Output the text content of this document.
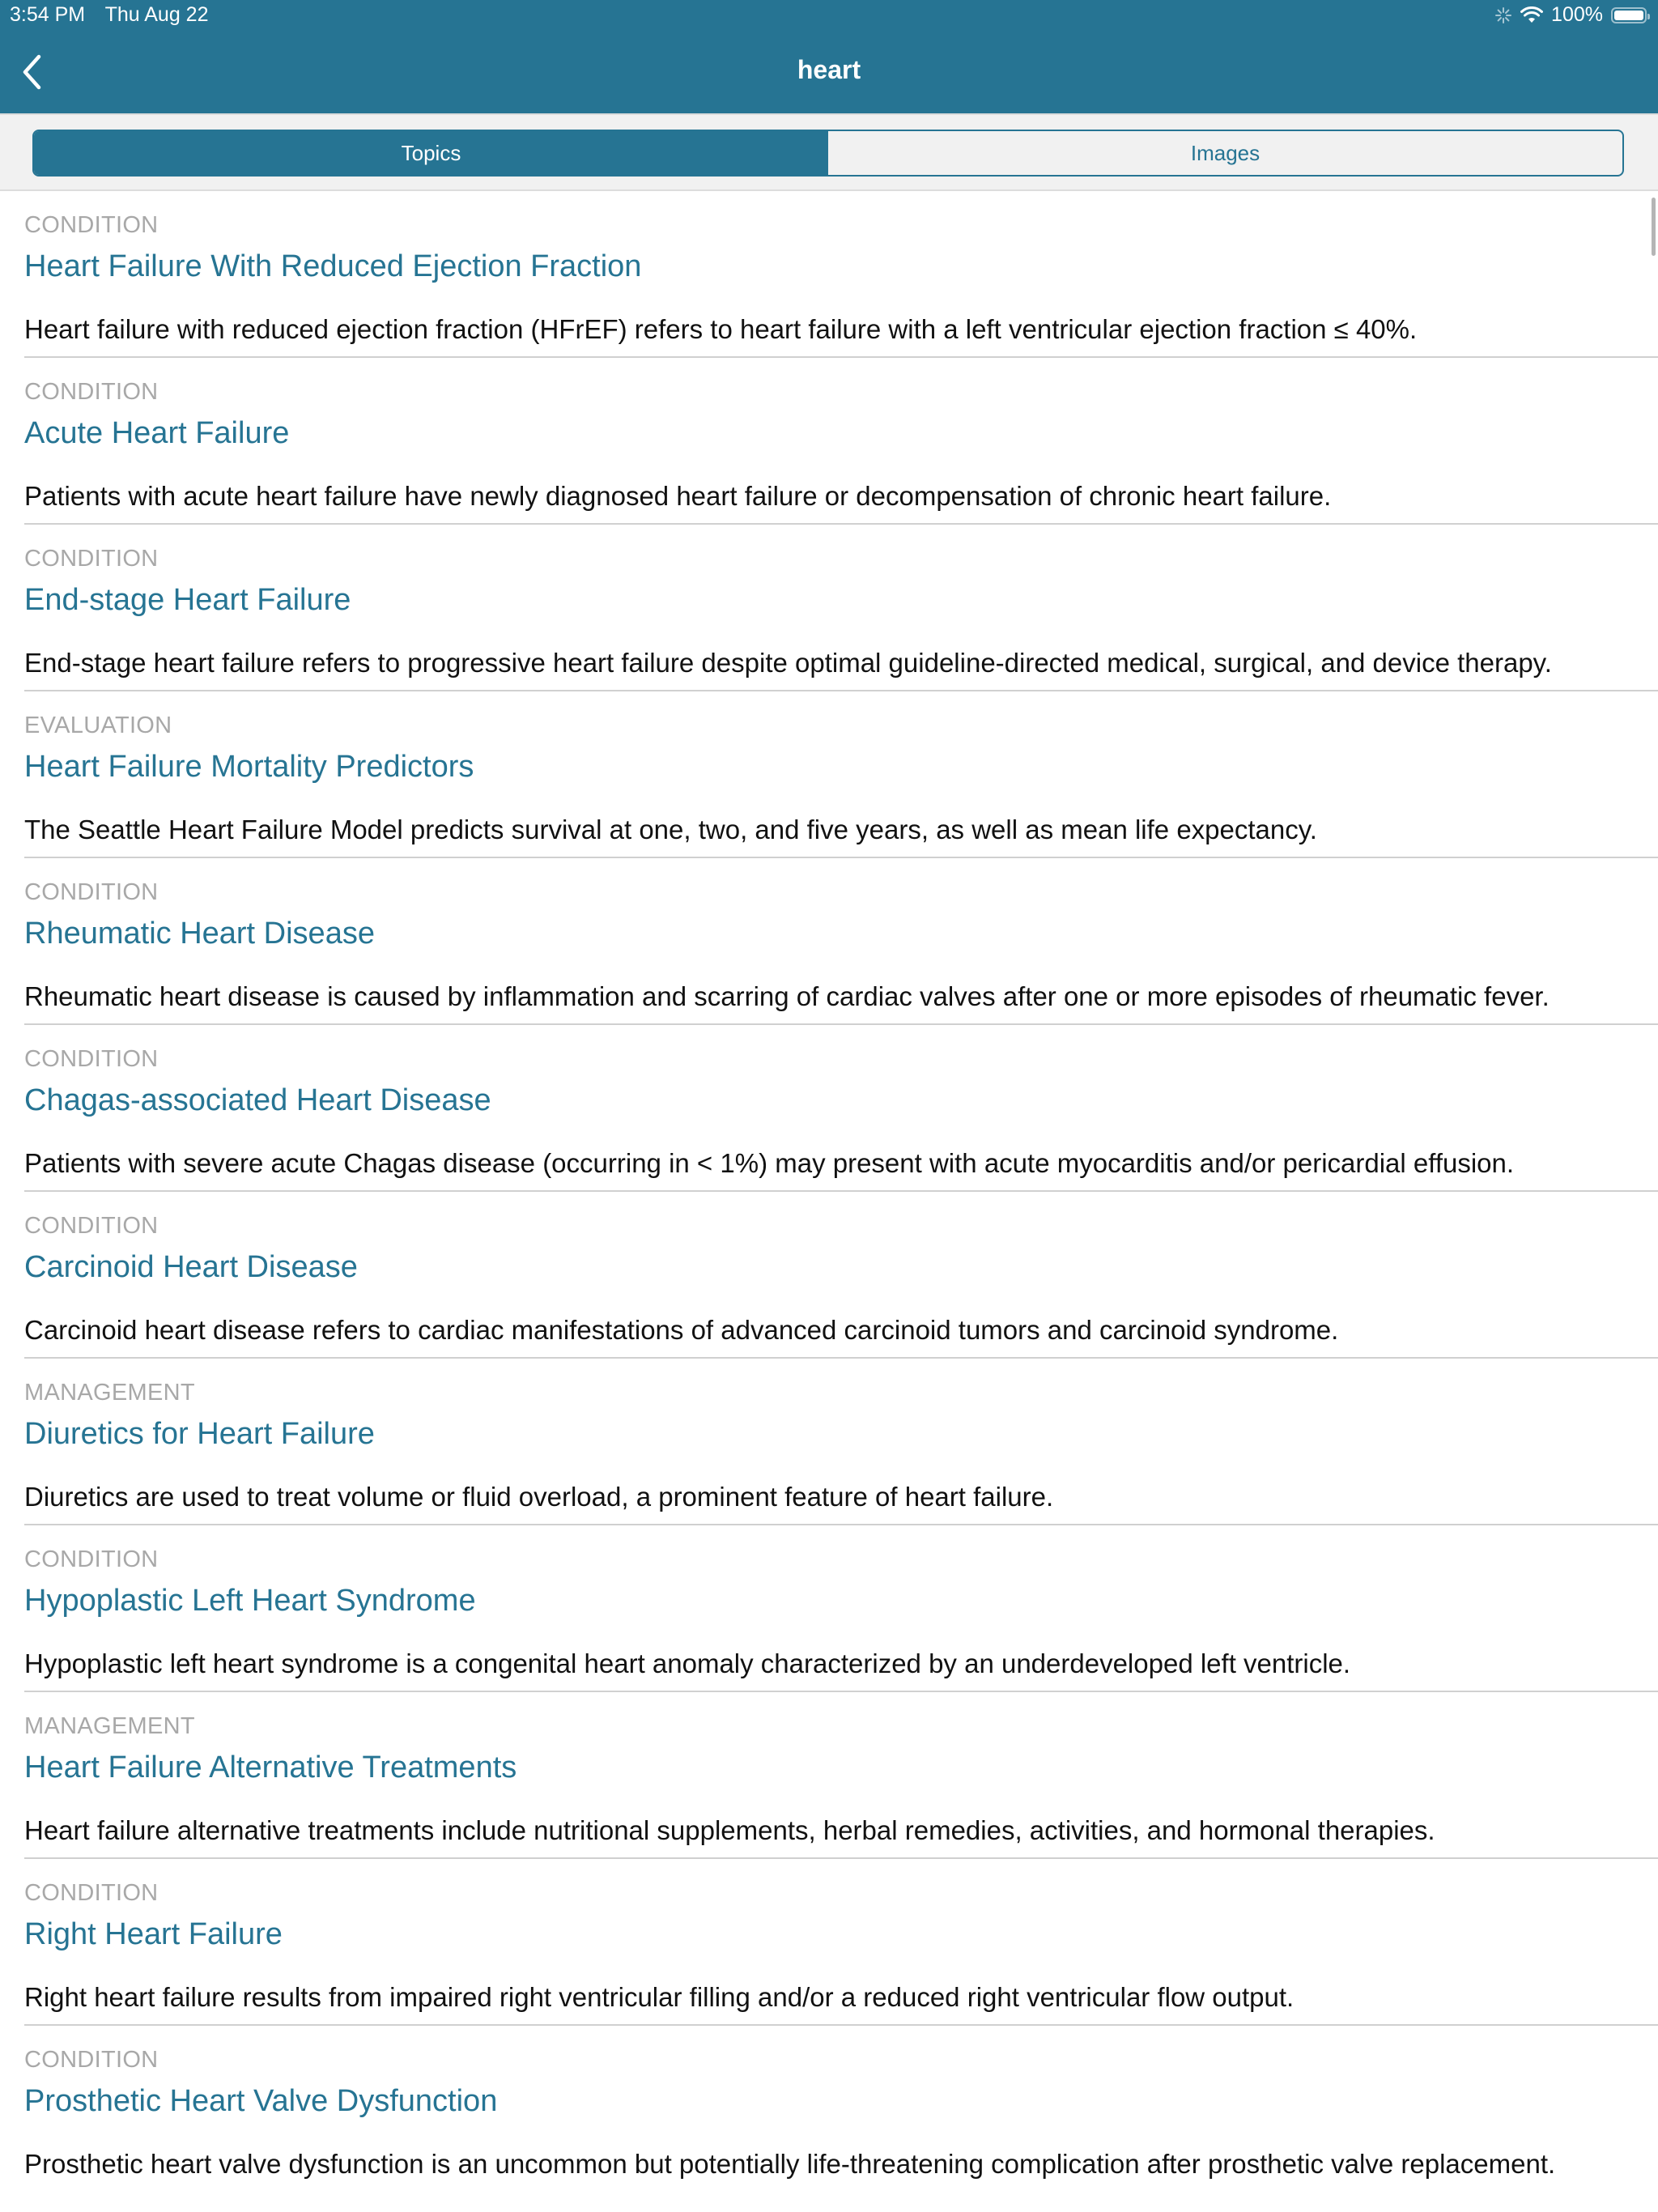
3:54 PM Thu Aug 22	100%
heart
Topics	Images
CONDITION
Heart Failure With Reduced Ejection Fraction
Heart failure with reduced ejection fraction (HFrEF) refers to heart failure with a left ventricular ejection fraction ≤ 40%.
CONDITION
Acute Heart Failure
Patients with acute heart failure have newly diagnosed heart failure or decompensation of chronic heart failure.
CONDITION
End-stage Heart Failure
End-stage heart failure refers to progressive heart failure despite optimal guideline-directed medical, surgical, and device therapy.
EVALUATION
Heart Failure Mortality Predictors
The Seattle Heart Failure Model predicts survival at one, two, and five years, as well as mean life expectancy.
CONDITION
Rheumatic Heart Disease
Rheumatic heart disease is caused by inflammation and scarring of cardiac valves after one or more episodes of rheumatic fever.
CONDITION
Chagas-associated Heart Disease
Patients with severe acute Chagas disease (occurring in < 1%) may present with acute myocarditis and/or pericardial effusion.
CONDITION
Carcinoid Heart Disease
Carcinoid heart disease refers to cardiac manifestations of advanced carcinoid tumors and carcinoid syndrome.
MANAGEMENT
Diuretics for Heart Failure
Diuretics are used to treat volume or fluid overload, a prominent feature of heart failure.
CONDITION
Hypoplastic Left Heart Syndrome
Hypoplastic left heart syndrome is a congenital heart anomaly characterized by an underdeveloped left ventricle.
MANAGEMENT
Heart Failure Alternative Treatments
Heart failure alternative treatments include nutritional supplements, herbal remedies, activities, and hormonal therapies.
CONDITION
Right Heart Failure
Right heart failure results from impaired right ventricular filling and/or a reduced right ventricular flow output.
CONDITION
Prosthetic Heart Valve Dysfunction
Prosthetic heart valve dysfunction is an uncommon but potentially life-threatening complication after prosthetic valve replacement.
